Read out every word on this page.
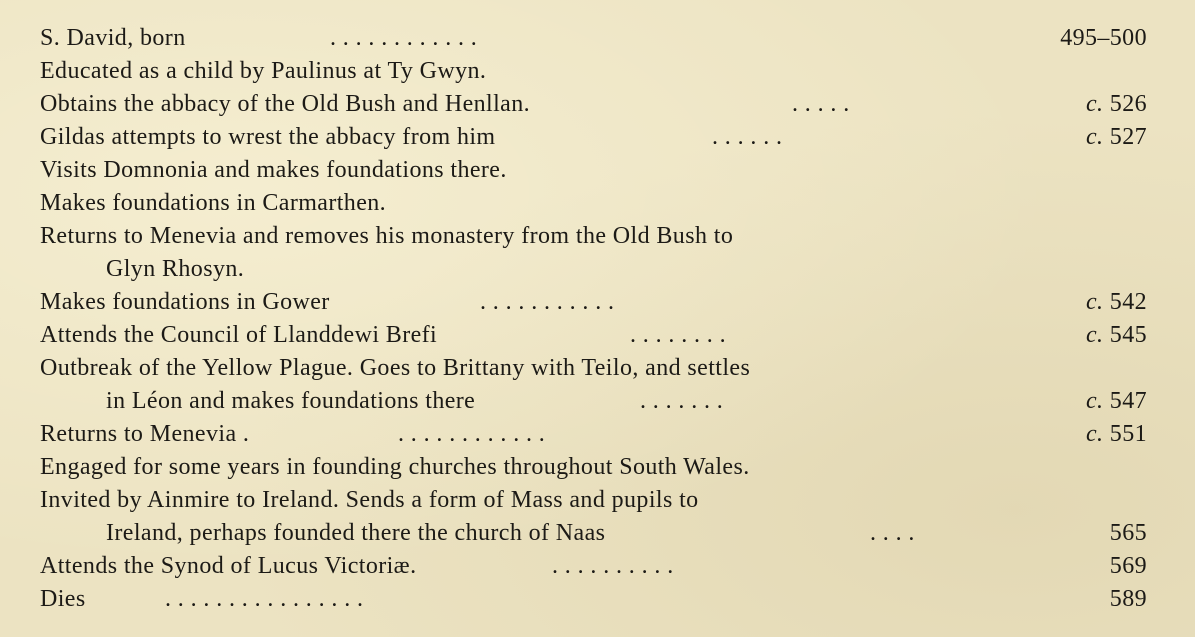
S. David, born	. . . . . . . . . . . .	495–500
Educated as a child by Paulinus at Ty Gwyn.
Obtains the abbacy of the Old Bush and Henllan.	. . . . .	c. 526
Gildas attempts to wrest the abbacy from him	. . . . . .	c. 527
Visits Domnonia and makes foundations there.
Makes foundations in Carmarthen.
Returns to Menevia and removes his monastery from the Old Bush to
Glyn Rhosyn.
Makes foundations in Gower	. . . . . . . . . . .	c. 542
Attends the Council of Llanddewi Brefi	. . . . . . . .	c. 545
Outbreak of the Yellow Plague. Goes to Brittany with Teilo, and settles
in Léon and makes foundations there	. . . . . . .	c. 547
Returns to Menevia .	. . . . . . . . . . . .	c. 551
Engaged for some years in founding churches throughout South Wales.
Invited by Ainmire to Ireland. Sends a form of Mass and pupils to
Ireland, perhaps founded there the church of Naas	. . . .	565
Attends the Synod of Lucus Victoriæ.	. . . . . . . . . .	569
Dies	. . . . . . . . . . . . . . . .	589
